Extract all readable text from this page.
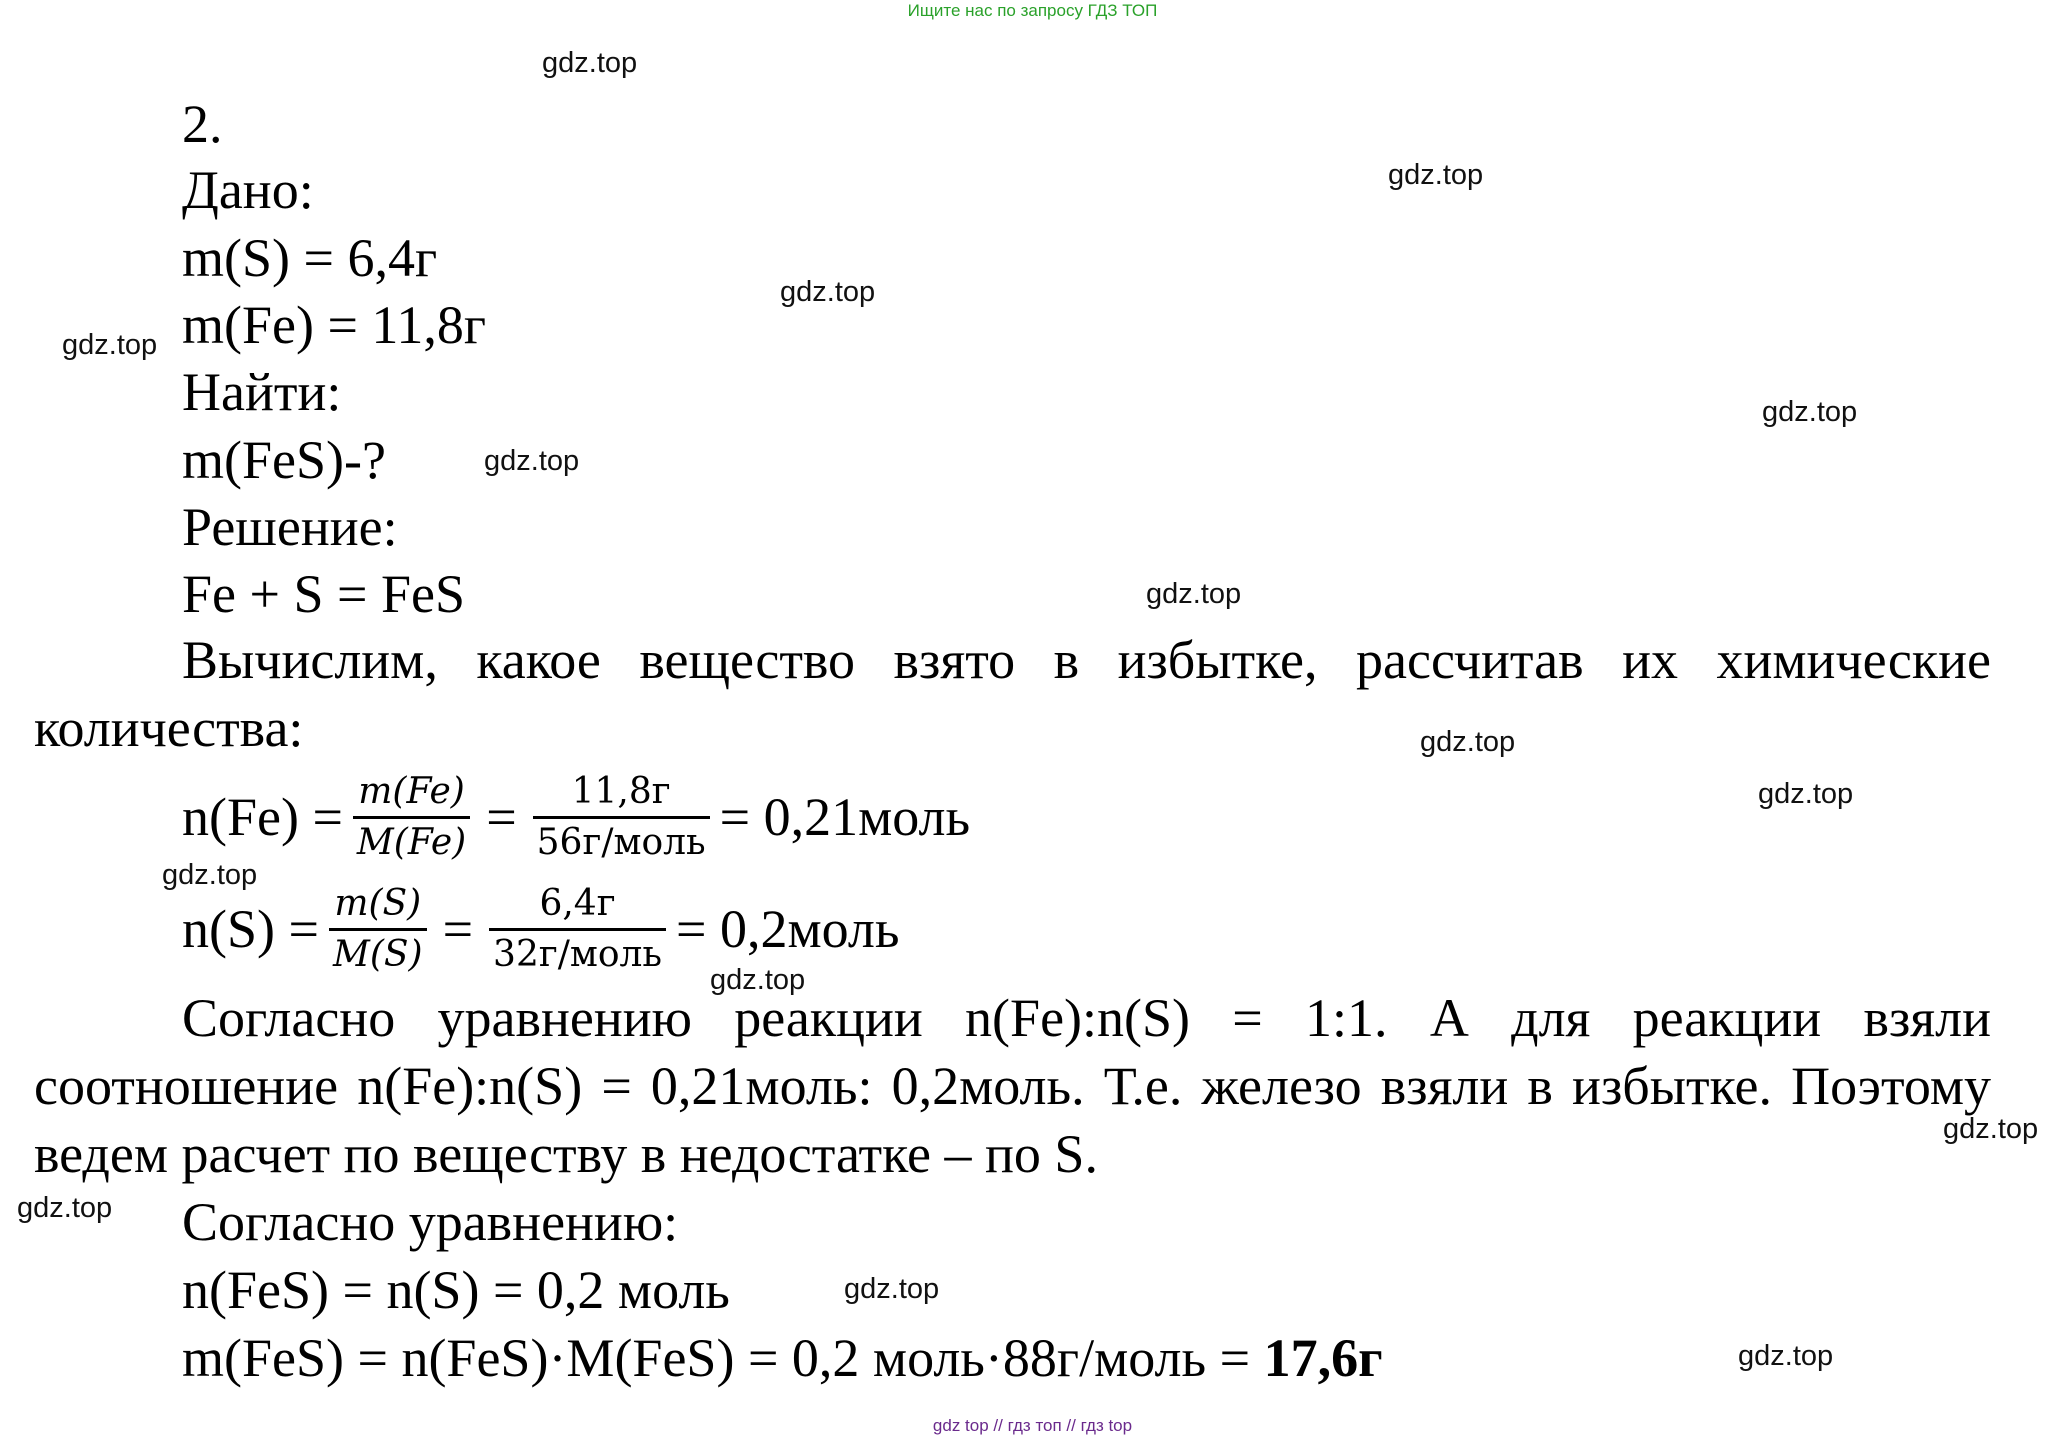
Ищите нас по запросу ГДЗ ТОП
gdz.top
gdz.top
gdz.top
gdz.top
gdz.top
gdz.top
gdz.top
gdz.top
gdz.top
gdz.top
gdz.top
gdz.top
gdz.top
gdz.top
gdz.top
2.
Дано:
m(S) = 6,4г
m(Fe) = 11,8г
Найти:
m(FeS)-?
Решение:
Fe + S = FeS
Вычислим, какое вещество взято в избытке, рассчитав их химические количества:
$n(Fe) = \frac{m(Fe)}{M(Fe)} = \frac{11,8г}{\text{56г/моль}}$ = 0,21моль
$n(S) = \frac{m(S)}{M(S)} = \frac{6,4г}{\text{32г/моль}}$ = 0,2моль
Согласно уравнению реакции n(Fe):n(S) = 1:1. А для реакции взяли соотношение n(Fe):n(S) = 0,21моль: 0,2моль. Т.е. железо взяли в избытке. Поэтому ведем расчет по веществу в недостатке – по S.
Согласно уравнению:
n(FeS) = n(S) = 0,2 моль
m(FeS) = n(FeS)·M(FeS) = 0,2 моль·88г/моль = 17,6г
gdz top // гдз топ // гдз top
